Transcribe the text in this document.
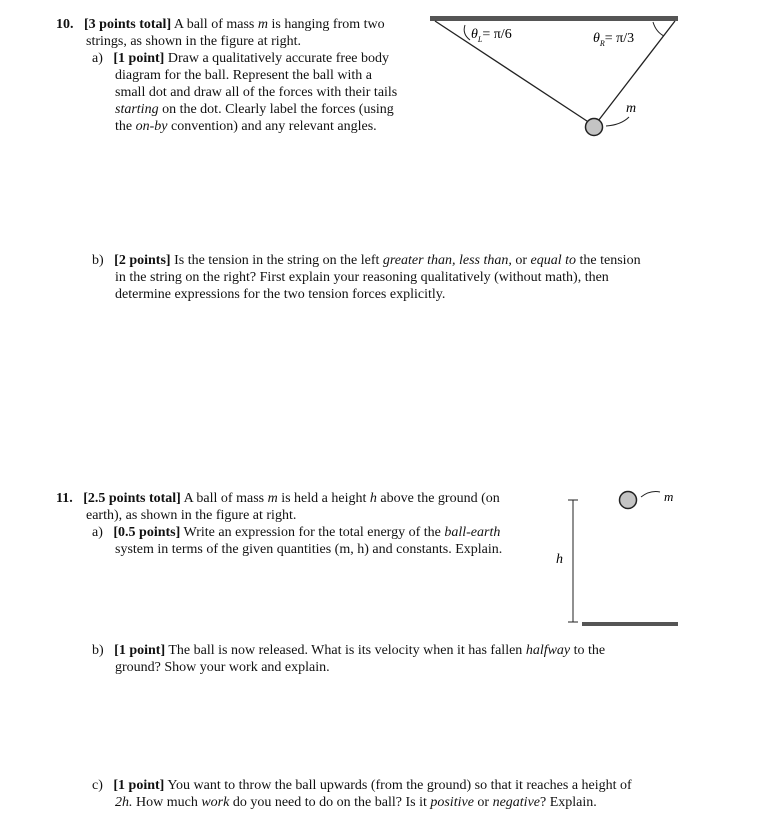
10. [3 points total] A ball of mass m is hanging from two
strings, as shown in the figure at right.
a) [1 point] Draw a qualitatively accurate free body
diagram for the ball. Represent the ball with a
small dot and draw all of the forces with their tails
starting on the dot. Clearly label the forces (using
the on-by convention) and any relevant angles.
$\theta_L= \pi/6$	$\theta_R= \pi/3$
m
b) [2 points] Is the tension in the string on the left greater than, less than, or equal to the tension
in the string on the right? First explain your reasoning qualitatively (without math), then
determine expressions for the two tension forces explicitly.
11. [2.5 points total] A ball of mass m is held a height h above the ground (on
earth), as shown in the figure at right.
a) [0.5 points] Write an expression for the total energy of the ball-earth
system in terms of the given quantities (m, h) and constants. Explain.
h
m
b) [1 point] The ball is now released. What is its velocity when it has fallen halfway to the
ground? Show your work and explain.
c) [1 point] You want to throw the ball upwards (from the ground) so that it reaches a height of
2h. How much work do you need to do on the ball? Is it positive or negative? Explain.
